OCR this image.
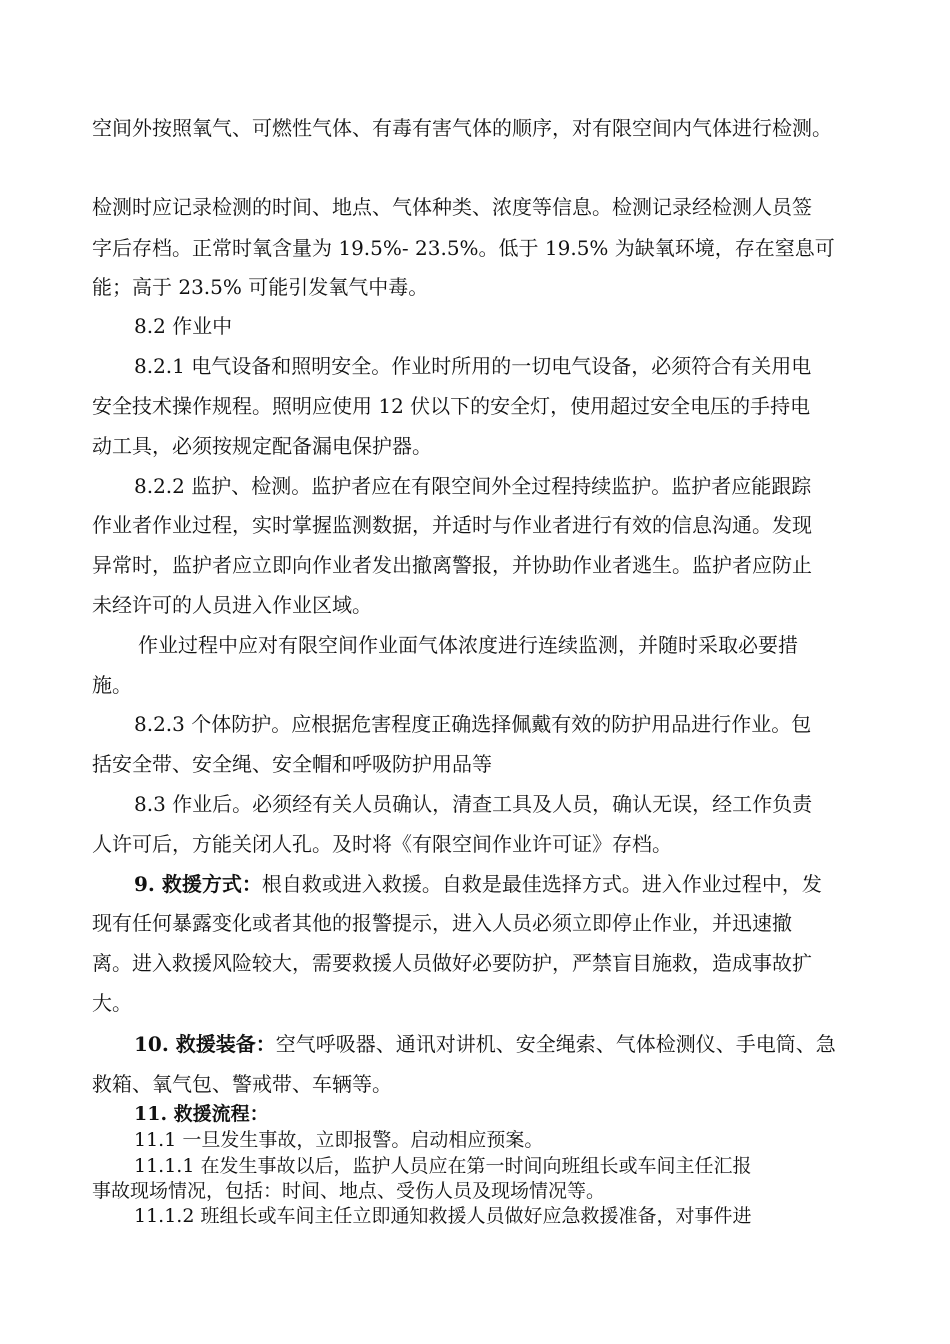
空间外按照氧气、可燃性气体、有毒有害气体的顺序，对有限空间内气体进行检测。
检测时应记录检测的时间、地点、气体种类、浓度等信息。检测记录经检测人员签
字后存档。正常时氧含量为 19.5%- 23.5%。低于 19.5% 为缺氧环境，存在窒息可
能；高于 23.5% 可能引发氧气中毒。
8.2 作业中
8.2.1 电气设备和照明安全。作业时所用的一切电气设备，必须符合有关用电
安全技术操作规程。照明应使用 12 伏以下的安全灯，使用超过安全电压的手持电
动工具，必须按规定配备漏电保护器。
8.2.2 监护、检测。监护者应在有限空间外全过程持续监护。监护者应能跟踪
作业者作业过程，实时掌握监测数据，并适时与作业者进行有效的信息沟通。发现
异常时，监护者应立即向作业者发出撤离警报，并协助作业者逃生。监护者应防止
未经许可的人员进入作业区域。
作业过程中应对有限空间作业面气体浓度进行连续监测，并随时采取必要措
施。
8.2.3 个体防护。应根据危害程度正确选择佩戴有效的防护用品进行作业。包
括安全带、安全绳、安全帽和呼吸防护用品等
8.3 作业后。必须经有关人员确认，清查工具及人员，确认无误，经工作负责
人许可后，方能关闭人孔。及时将《有限空间作业许可证》存档。
9. 救援方式：根自救或进入救援。自救是最佳选择方式。进入作业过程中，发
现有任何暴露变化或者其他的报警提示，进入人员必须立即停止作业，并迅速撤
离。进入救援风险较大，需要救援人员做好必要防护，严禁盲目施救，造成事故扩
大。
10. 救援装备：空气呼吸器、通讯对讲机、安全绳索、气体检测仪、手电筒、急
救箱、氧气包、警戒带、车辆等。
11. 救援流程：
11.1 一旦发生事故，立即报警。启动相应预案。
11.1.1 在发生事故以后，监护人员应在第一时间向班组长或车间主任汇报
事故现场情况，包括：时间、地点、受伤人员及现场情况等。
11.1.2 班组长或车间主任立即通知救援人员做好应急救援准备，对事件进
